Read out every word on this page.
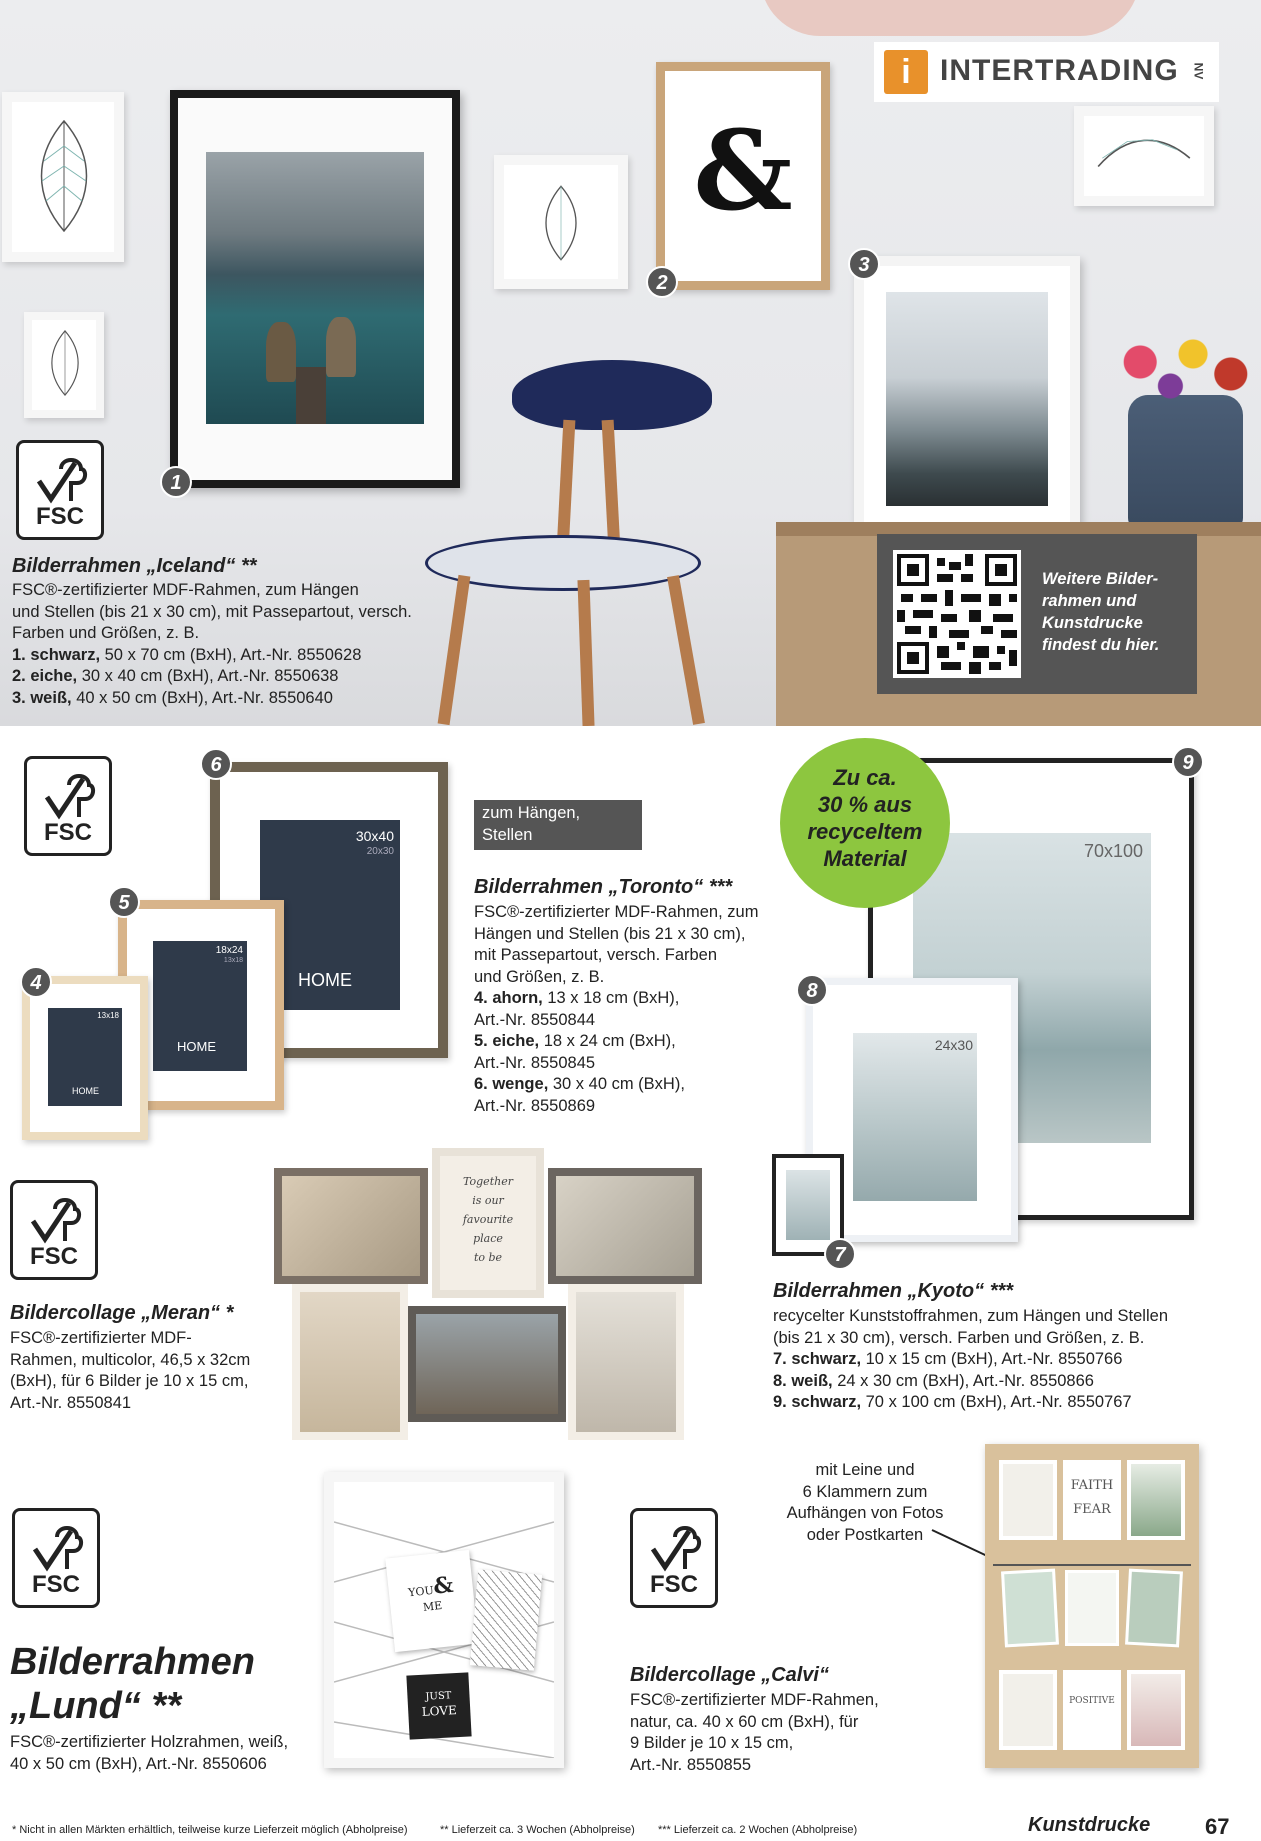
1
&
2
3
i INTERTRADING NV
Weitere Bilder-
rahmen und
Kunstdrucke
findest du hier.
FSC
Bilderrahmen „Iceland“ **
FSC®-zertifizierter MDF-Rahmen, zum Hängen
und Stellen (bis 21 x 30 cm), mit Passepartout, versch.
Farben und Größen, z. B.
1. schwarz, 50 x 70 cm (BxH), Art.-Nr. 8550628
2. eiche, 30 x 40 cm (BxH), Art.-Nr. 8550638
3. weiß, 40 x 50 cm (BxH), Art.-Nr. 8550640
FSC	30x40
20x30
HOME
6
18x24
13x18
HOME
5
13x18
HOME
4
zum Hängen, Stellen
und Kombinieren
Bilderrahmen „Toronto“ ***
FSC®-zertifizierter MDF-Rahmen, zum
Hängen und Stellen (bis 21 x 30 cm),
mit Passepartout, versch. Farben
und Größen, z. B.
4. ahorn, 13 x 18 cm (BxH),
Art.-Nr. 8550844
5. eiche, 18 x 24 cm (BxH),
Art.-Nr. 8550845
6. wenge, 30 x 40 cm (BxH),
Art.-Nr. 8550869
70x100
9
Zu ca.
30 % aus
recyceltem
Material
24x30
8
7
Bilderrahmen „Kyoto“ ***
recycelter Kunststoffrahmen, zum Hängen und Stellen
(bis 21 x 30 cm), versch. Farben und Größen, z. B.
7. schwarz, 10 x 15 cm (BxH), Art.-Nr. 8550766
8. weiß, 24 x 30 cm (BxH), Art.-Nr. 8550866
9. schwarz, 70 x 100 cm (BxH), Art.-Nr. 8550767
FSC
Together
is our
favourite
place
to be
Bildercollage „Meran“ *
FSC®-zertifizierter MDF-
Rahmen, multicolor, 46,5 x 32cm
(BxH), für 6 Bilder je 10 x 15 cm,
Art.-Nr. 8550841
FSC	YOU&
ME
JUST
LOVE
Bilderrahmen
„Lund“ **
FSC®-zertifizierter Holzrahmen, weiß,
40 x 50 cm (BxH), Art.-Nr. 8550606
FSC
mit Leine und
6 Klammern zum
Aufhängen von Fotos
oder Postkarten
FAITH
FEAR
POSITIVE
Bildercollage „Calvi“
FSC®-zertifizierter MDF-Rahmen,
natur, ca. 40 x 60 cm (BxH), für
9 Bilder je 10 x 15 cm,
Art.-Nr. 8550855
* Nicht in allen Märkten erhältlich, teilweise kurze Lieferzeit möglich (Abholpreise)	** Lieferzeit ca. 3 Wochen (Abholpreise) *** Lieferzeit ca. 2 Wochen (Abholpreise)	Kunstdrucke 67
